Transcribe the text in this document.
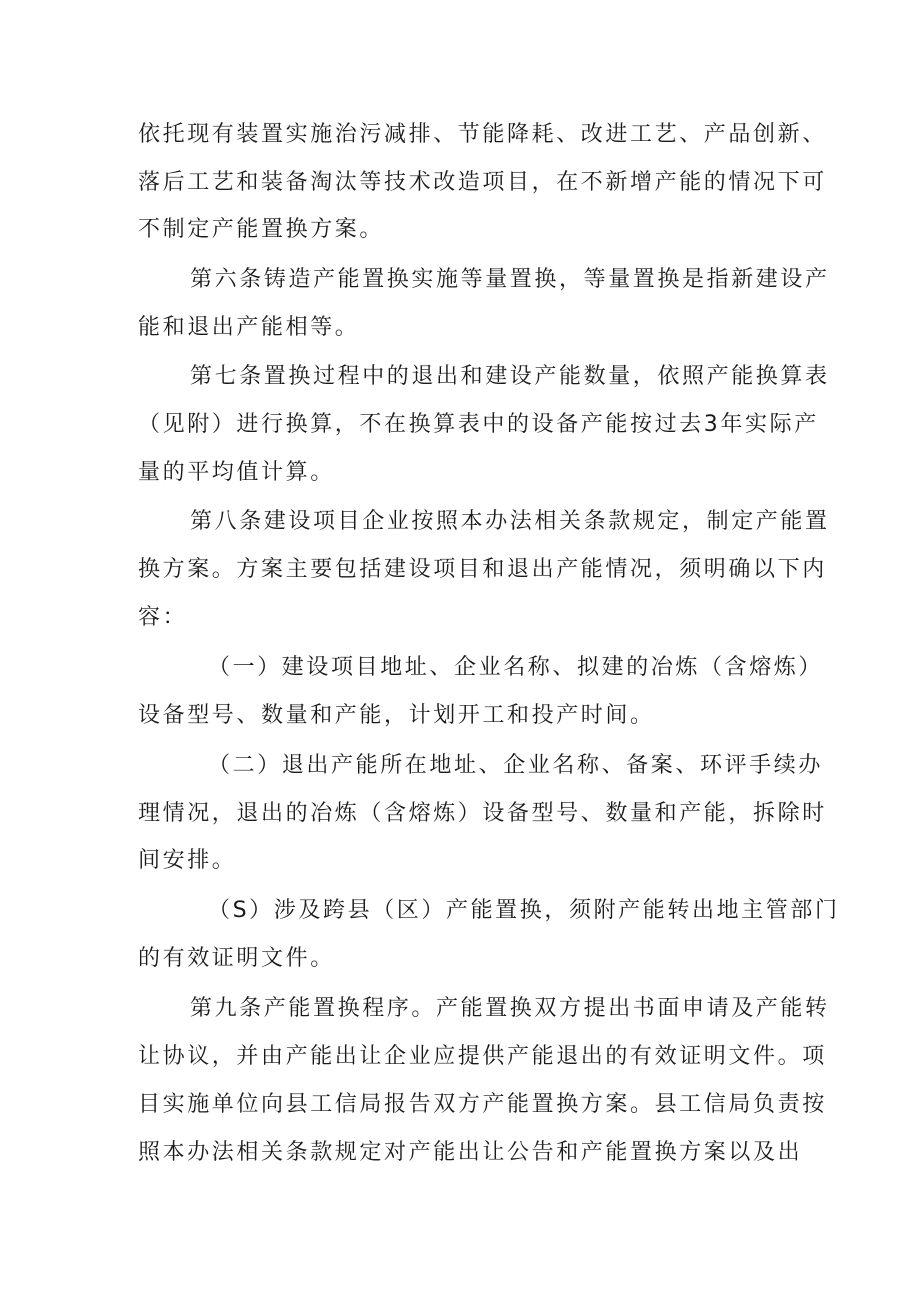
依托现有装置实施治污减排、节能降耗、改进工艺、产品创新、
落后工艺和装备淘汰等技术改造项目，在不新增产能的情况下可
不制定产能置换方案。
第六条铸造产能置换实施等量置换，等量置换是指新建设产
能和退出产能相等。
第七条置换过程中的退出和建设产能数量，依照产能换算表
（见附）进行换算，不在换算表中的设备产能按过去3年实际产
量的平均值计算。
第八条建设项目企业按照本办法相关条款规定，制定产能置
换方案。方案主要包括建设项目和退出产能情况，须明确以下内
容：
（一）建设项目地址、企业名称、拟建的冶炼（含熔炼）
设备型号、数量和产能，计划开工和投产时间。
（二）退出产能所在地址、企业名称、备案、环评手续办
理情况，退出的冶炼（含熔炼）设备型号、数量和产能，拆除时
间安排。
（S）涉及跨县（区）产能置换，须附产能转出地主管部门
的有效证明文件。
第九条产能置换程序。产能置换双方提出书面申请及产能转
让协议，并由产能出让企业应提供产能退出的有效证明文件。项
目实施单位向县工信局报告双方产能置换方案。县工信局负责按
照本办法相关条款规定对产能出让公告和产能置换方案以及出
